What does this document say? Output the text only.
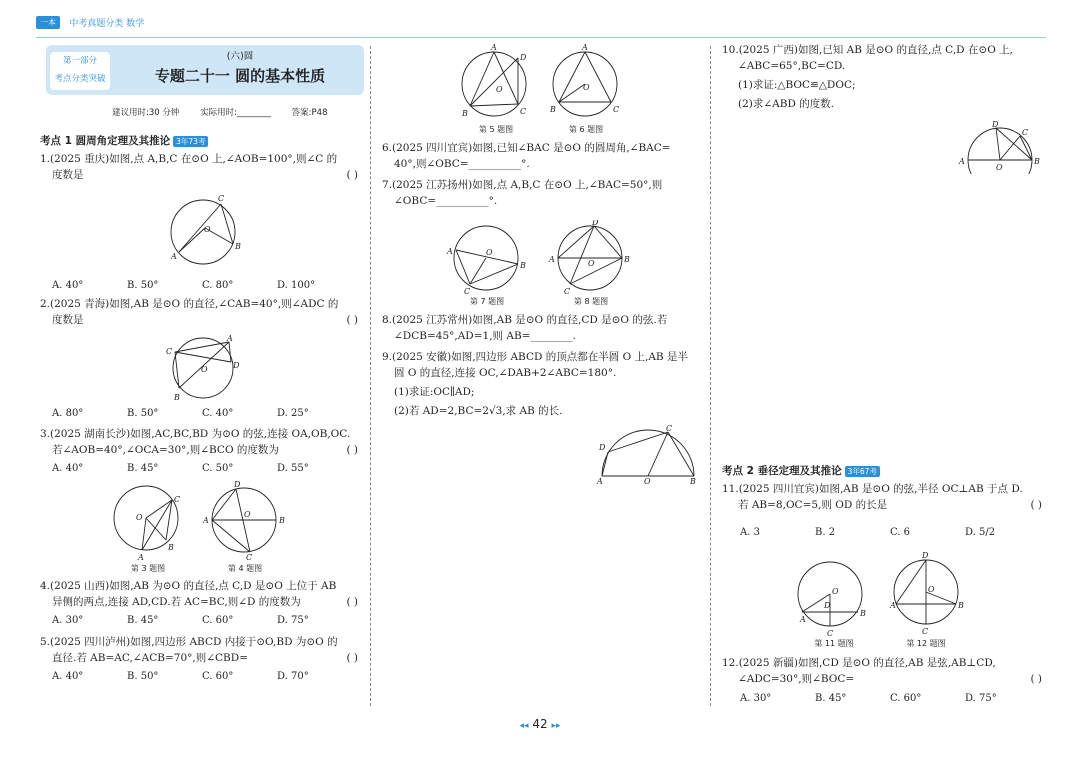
一本 中考真题分类 数学
第一部分
考点分类突破
(六)圆
专题二十一 圆的基本性质
建议用时:30 分钟 实际用时:________ 答案:P48
考点 1 圆周角定理及其推论 3年73考
1.(2025 重庆)如图,点 A,B,C 在⊙O 上,∠AOB=100°,则∠C 的
度数是	( )
C
O
A
B
A. 40°	B. 50°	C. 80°	D. 100°
2.(2025 青海)如图,AB 是⊙O 的直径,∠CAB=40°,则∠ADC 的
度数是	( )
C
A
D
B
O
A. 80°	B. 50°	C. 40°	D. 25°
3.(2025 湖南长沙)如图,AC,BC,BD 为⊙O 的弦,连接 OA,OB,OC.
若∠AOB=40°,∠OCA=30°,则∠BCO 的度数为	( )
A. 40°	B. 45°	C. 50°	D. 55°
O
C
B
A
D
A	B
C
O
第 3 题图	第 4 题图
4.(2025 山西)如图,AB 为⊙O 的直径,点 C,D 是⊙O 上位于 AB
异侧的两点,连接 AD,CD.若 AC=BC,则∠D 的度数为	( )
A. 30°	B. 45°	C. 60°	D. 75°
5.(2025 四川泸州)如图,四边形 ABCD 内接于⊙O,BD 为⊙O 的
直径.若 AB=AC,∠ACB=70°,则∠CBD=	( )
A. 40°	B. 50°	C. 60°	D. 70°
A
D
O
B	C
A
O
B	C
第 5 题图	第 6 题图
6.(2025 四川宜宾)如图,已知∠BAC 是⊙O 的圆周角,∠BAC=
40°,则∠OBC=__________°.
7.(2025 江苏扬州)如图,点 A,B,C 在⊙O 上,∠BAC=50°,则
∠OBC=__________°.
A	O
B
C
D
A	B
C
O
第 7 题图	第 8 题图
8.(2025 江苏常州)如图,AB 是⊙O 的直径,CD 是⊙O 的弦.若
∠DCB=45°,AD=1,则 AB=________.
9.(2025 安徽)如图,四边形 ABCD 的顶点都在半圆 O 上,AB 是半
圆 O 的直径,连接 OC,∠DAB+2∠ABC=180°.
(1)求证:OC∥AD;
(2)若 AD=2,BC=2√3,求 AB 的长.
D
C
A	O	B
10.(2025 广西)如图,已知 AB 是⊙O 的直径,点 C,D 在⊙O 上,
∠ABC=65°,BC=CD.
(1)求证:△BOC≌△DOC;
(2)求∠ABD 的度数.
D
C
A	B
O
考点 2 垂径定理及其推论 3年67考
11.(2025 四川宜宾)如图,AB 是⊙O 的弦,半径 OC⊥AB 于点 D.
若 AB=8,OC=5,则 OD 的长是	( )
A. 3	B. 2	C. 6	D. 5/2
O
D
A
B
C
D
O
A	B
C
第 11 题图	第 12 题图
12.(2025 新疆)如图,CD 是⊙O 的直径,AB 是弦,AB⊥CD,
∠ADC=30°,则∠BOC=	( )
A. 30°	B. 45°	C. 60°	D. 75°
◂◂ 42 ▸▸
